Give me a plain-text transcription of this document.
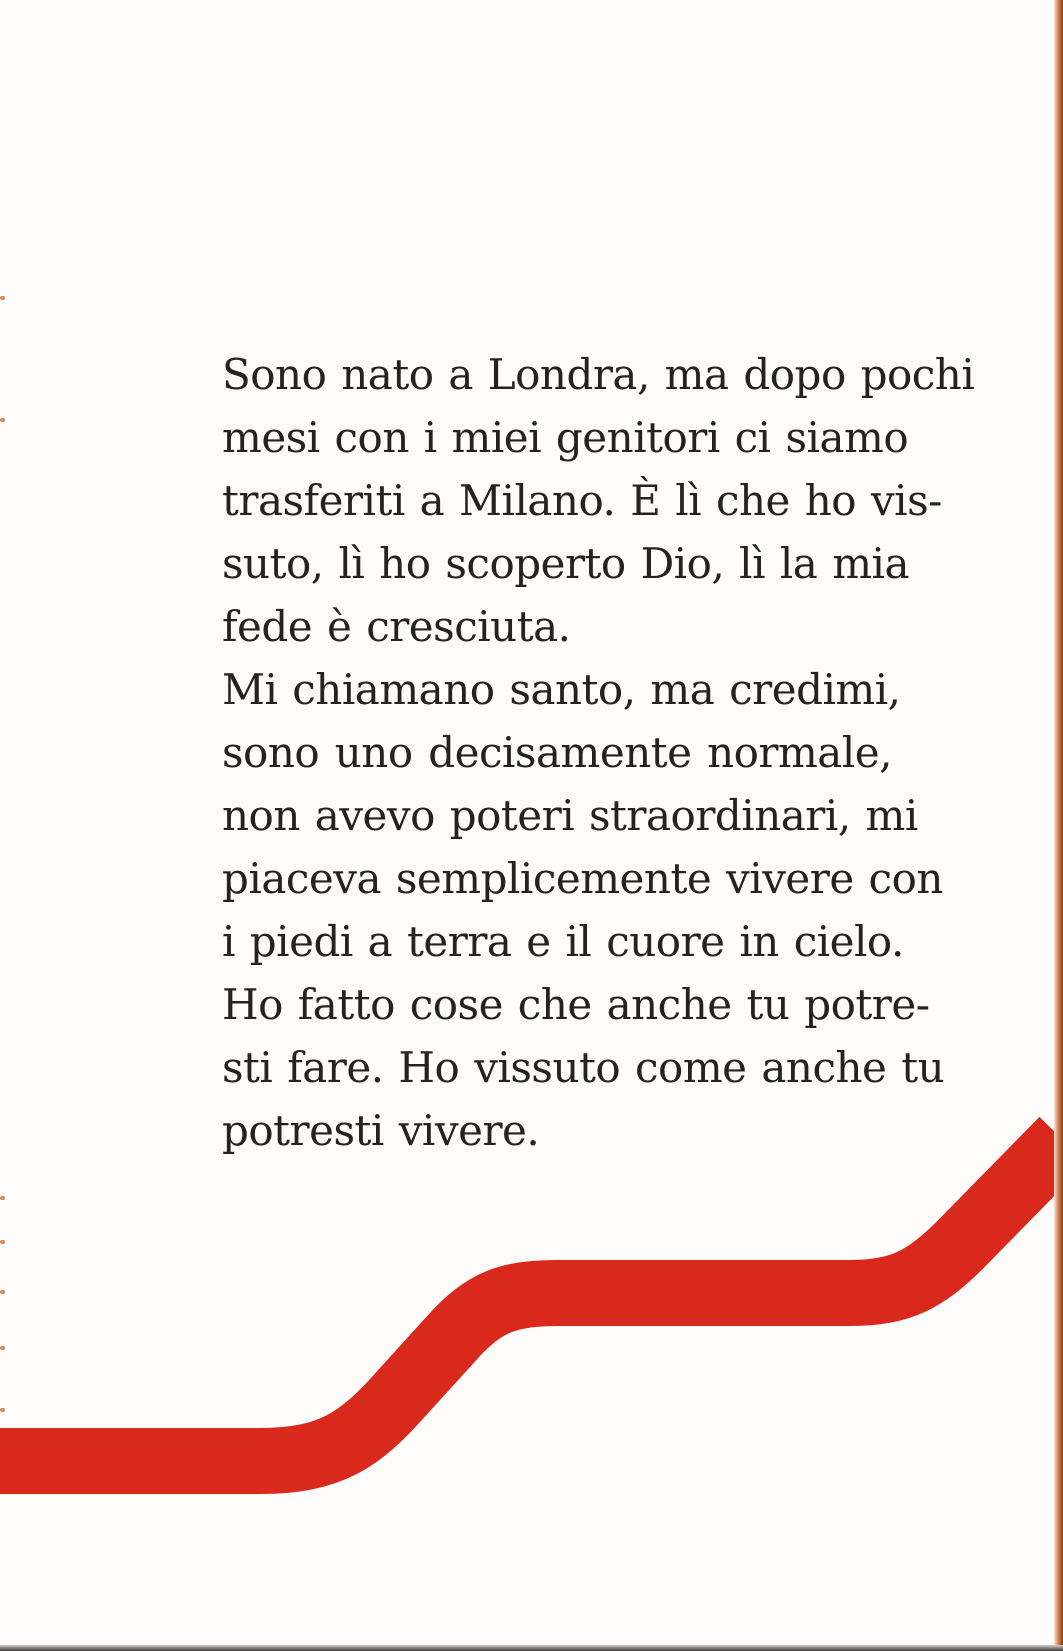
Sono nato a Londra, ma dopo pochi
mesi con i miei genitori ci siamo
trasferiti a Milano. È lì che ho vis-
suto, lì ho scoperto Dio, lì la mia
fede è cresciuta.
Mi chiamano santo, ma credimi,
sono uno decisamente normale,
non avevo poteri straordinari, mi
piaceva semplicemente vivere con
i piedi a terra e il cuore in cielo.
Ho fatto cose che anche tu potre-
sti fare. Ho vissuto come anche tu
potresti vivere.
